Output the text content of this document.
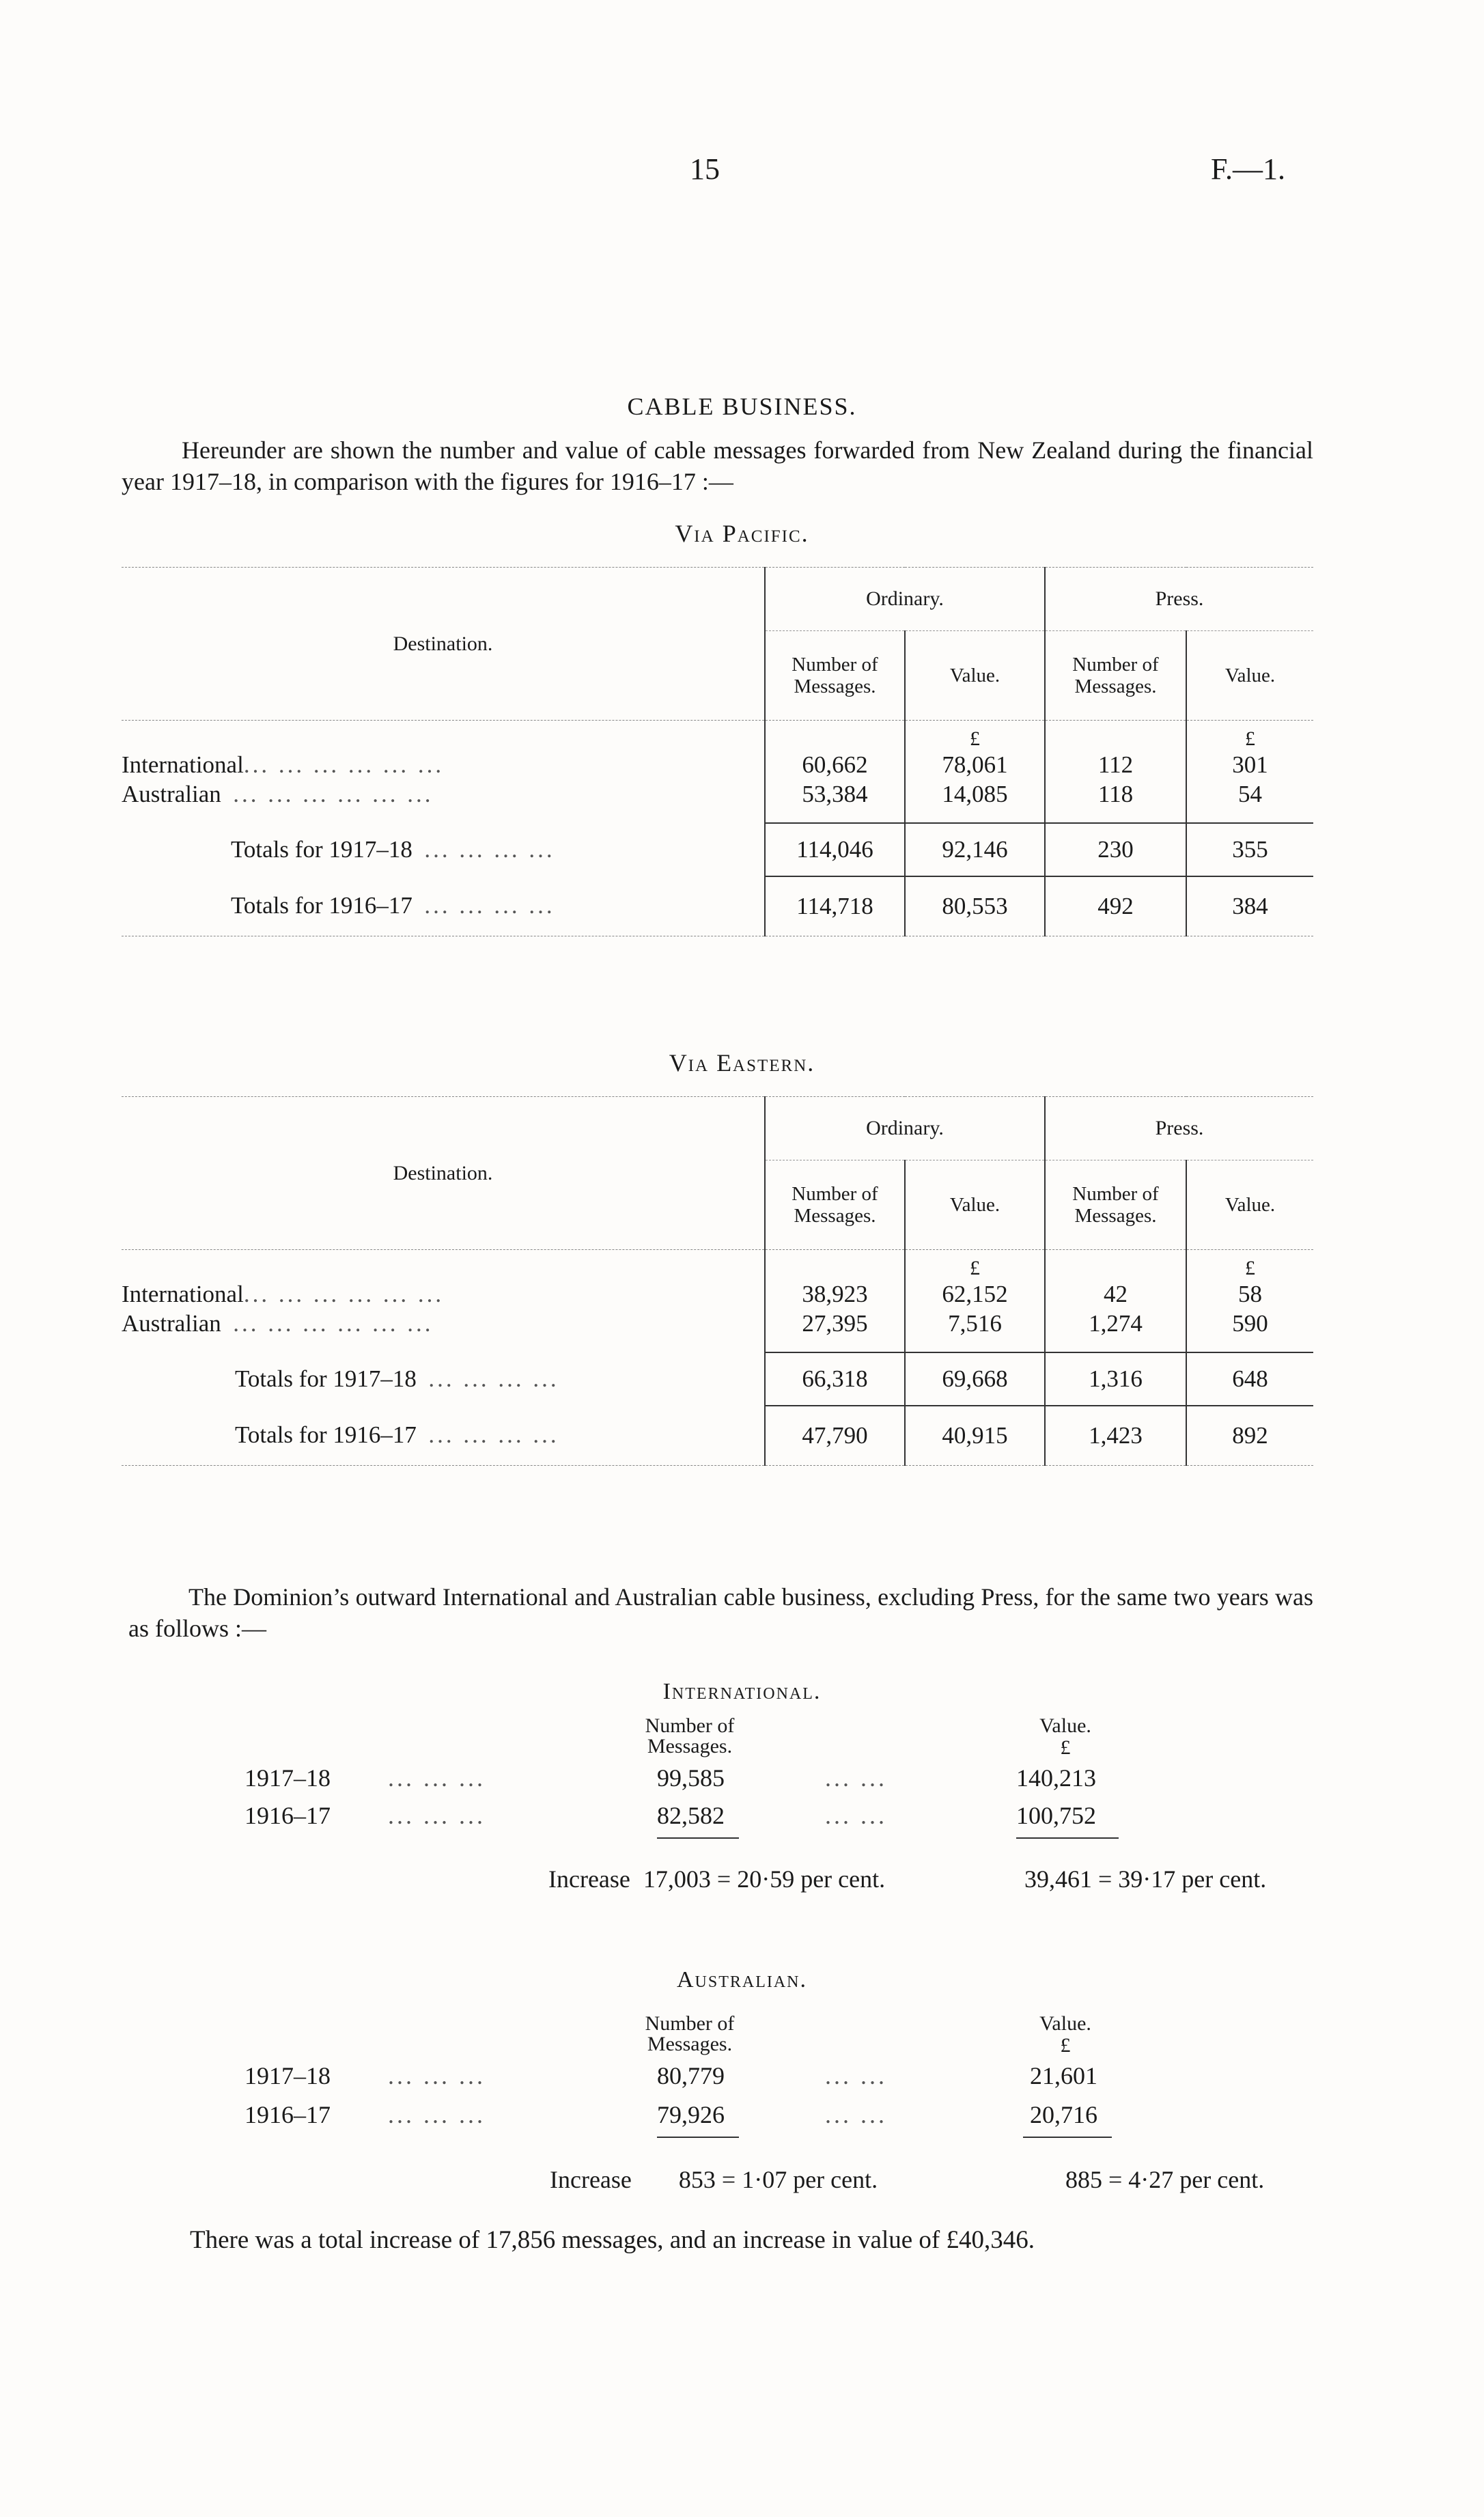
15	F.—1.
CABLE BUSINESS.
Hereunder are shown the number and value of cable messages forwarded from New Zealand during the financial year 1917–18, in comparison with the figures for 1916–17 :—
Via Pacific.
Destination.	Ordinary.		Press.	
	Number of Messages.	Value.	Number of Messages.	Value.
		£		£
International... ... ... ... ... ...	60,662	78,061	112	301
Australian ... ... ... ... ... ...	53,384	14,085	118	54

Totals for 1917–18 ... ... ... ...	114,046	92,146	230	355
Totals for 1916–17 ... ... ... ...	114,718	80,553	492	384
Via Eastern.
Destination.	Ordinary.		Press.	
	Number of Messages.	Value.	Number of Messages.	Value.
		£		£
International... ... ... ... ... ...	38,923	62,152	42	58
Australian ... ... ... ... ... ...	27,395	7,516	1,274	590

Totals for 1917–18 ... ... ... ...	66,318	69,668	1,316	648
Totals for 1916–17 ... ... ... ...	47,790	40,915	1,423	892
The Dominion’s outward International and Australian cable business, excluding Press, for the same two years was as follows :—
International.
Number of Messages.
Value.
£
1917–18 ... ... ...	99,585	... ...	140,213
1916–17 ... ... ...	82,582	... ...	100,752
Increase 17,003 = 20·59 per cent.	39,461 = 39·17 per cent.
Australian.
Number of Messages.
Value.
£
1917–18 ... ... ...	80,779	... ...	21,601
1916–17 ... ... ...	79,926	... ...	20,716
Increase 853 = 1·07 per cent.	885 = 4·27 per cent.
There was a total increase of 17,856 messages, and an increase in value of £40,346.
